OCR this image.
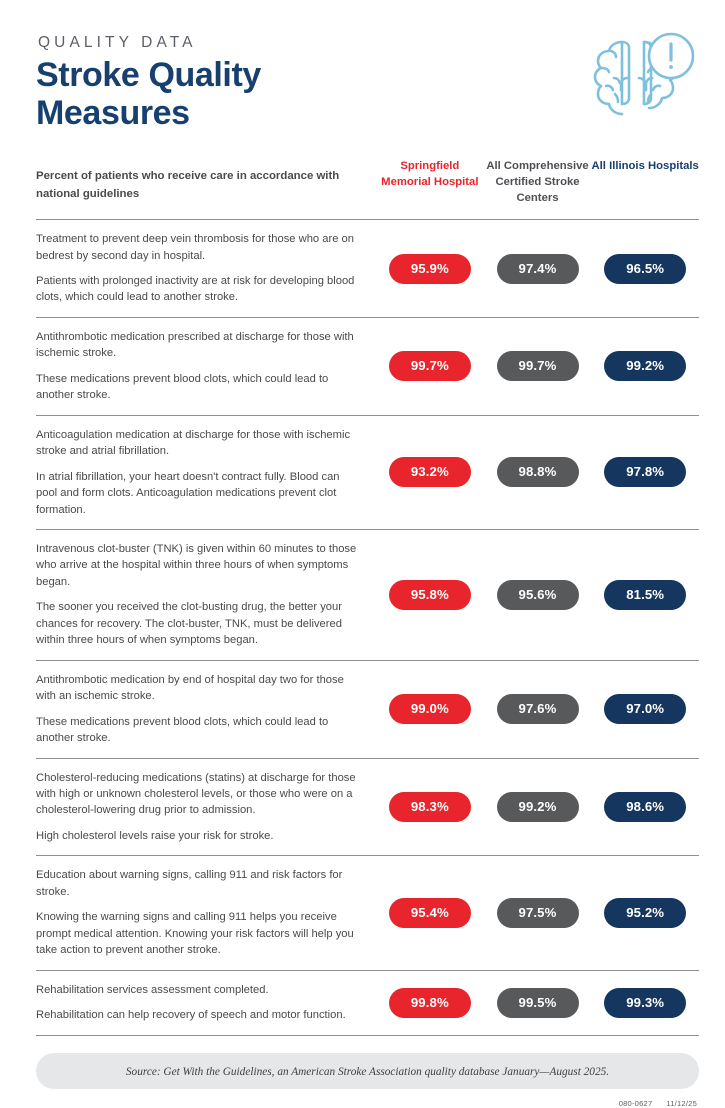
QUALITY DATA
Stroke Quality Measures
Percent of patients who receive care in accordance with national guidelines
Springfield Memorial Hospital
All Comprehensive Certified Stroke Centers
All Illinois Hospitals

Treatment to prevent deep vein thrombosis for those who are on bedrest by second day in hospital.

Patients with prolonged inactivity are at risk for developing blood clots, which could lead to another stroke.

95.9%	97.4%	96.5%

Antithrombotic medication prescribed at discharge for those with ischemic stroke.

These medications prevent blood clots, which could lead to another stroke.

99.7%	99.7%	99.2%

Anticoagulation medication at discharge for those with ischemic stroke and atrial fibrillation.

In atrial fibrillation, your heart doesn't contract fully. Blood can pool and form clots. Anticoagulation medications prevent clot formation.

93.2%	98.8%	97.8%

Intravenous clot-buster (TNK) is given within 60 minutes to those who arrive at the hospital within three hours of when symptoms began.

The sooner you received the clot-busting drug, the better your chances for recovery. The clot-buster, TNK, must be delivered within three hours of when symptoms began.

95.8%	95.6%	81.5%

Antithrombotic medication by end of hospital day two for those with an ischemic stroke.

These medications prevent blood clots, which could lead to another stroke.

99.0%	97.6%	97.0%

Cholesterol-reducing medications (statins) at discharge for those with high or unknown cholesterol levels, or those who were on a cholesterol-lowering drug prior to admission.

High cholesterol levels raise your risk for stroke.

98.3%	99.2%	98.6%

Education about warning signs, calling 911 and risk factors for stroke.

Knowing the warning signs and calling 911 helps you receive prompt medical attention. Knowing your risk factors will help you take action to prevent another stroke.

95.4%	97.5%	95.2%

Rehabilitation services assessment completed.

Rehabilitation can help recovery of speech and motor function.

99.8%	99.5%	99.3%
Source: Get With the Guidelines, an American Stroke Association quality database January—August 2025.
080-0627 11/12/25
